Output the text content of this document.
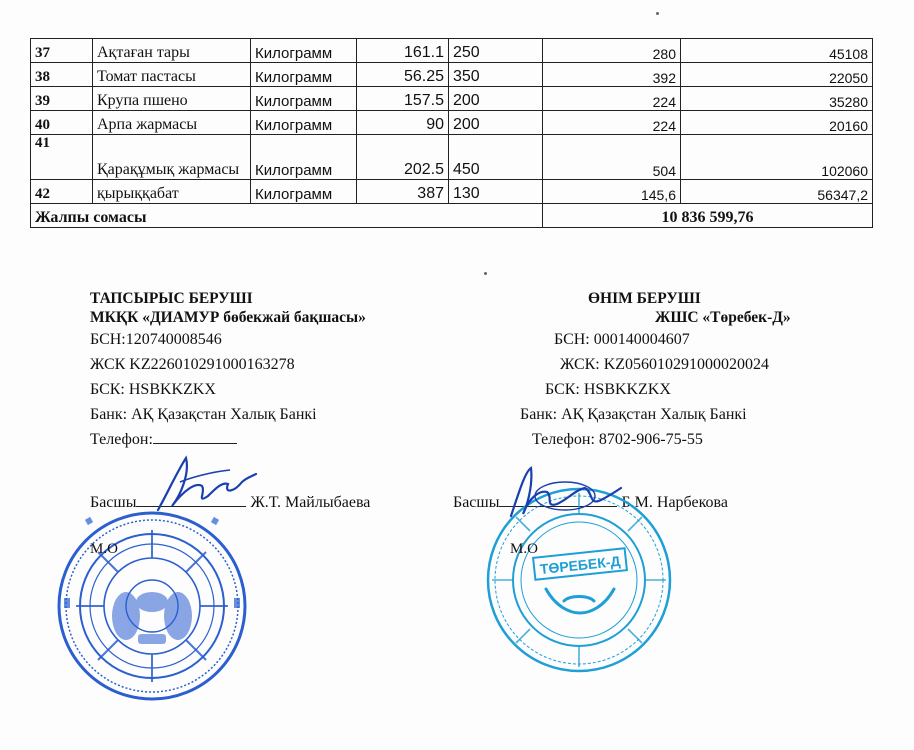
37	Ақтаған тары	Килограмм	161.1	250	280	45108
38	Томат пастасы	Килограмм	56.25	350	392	22050
39	Крупа пшено	Килограмм	157.5	200	224	35280
40	Арпа жармасы	Килограмм	90	200	224	20160
41	Қарақұмық жармасы	Килограмм	202.5	450	504	102060
42	қырыққабат	Килограмм	387	130	145,6	56347,2
Жалпы сомасы					10 836 599,76	
ТАПСЫРЫС БЕРУШІ
МКҚК «ДИАМУР бөбекжай бақшасы»
БСН:120740008546
ЖСК KZ226010291000163278
БСК: HSBKKZKX
Банк: АҚ Қазақстан Халық Банкі
Телефон:
ӨНІМ БЕРУШІ
ЖШС «Төребек-Д»
БСН: 000140004607
ЖСК: KZ056010291000020024
БСК: HSBKKZKX
Банк: АҚ Қазақстан Халық Банкі
Телефон: 8702-906-75-55
Басшы	Ж.Т. Майлыбаева	Басшы	Б.М. Нарбекова
ТӨРЕБЕК-Д
М.О	М.О
